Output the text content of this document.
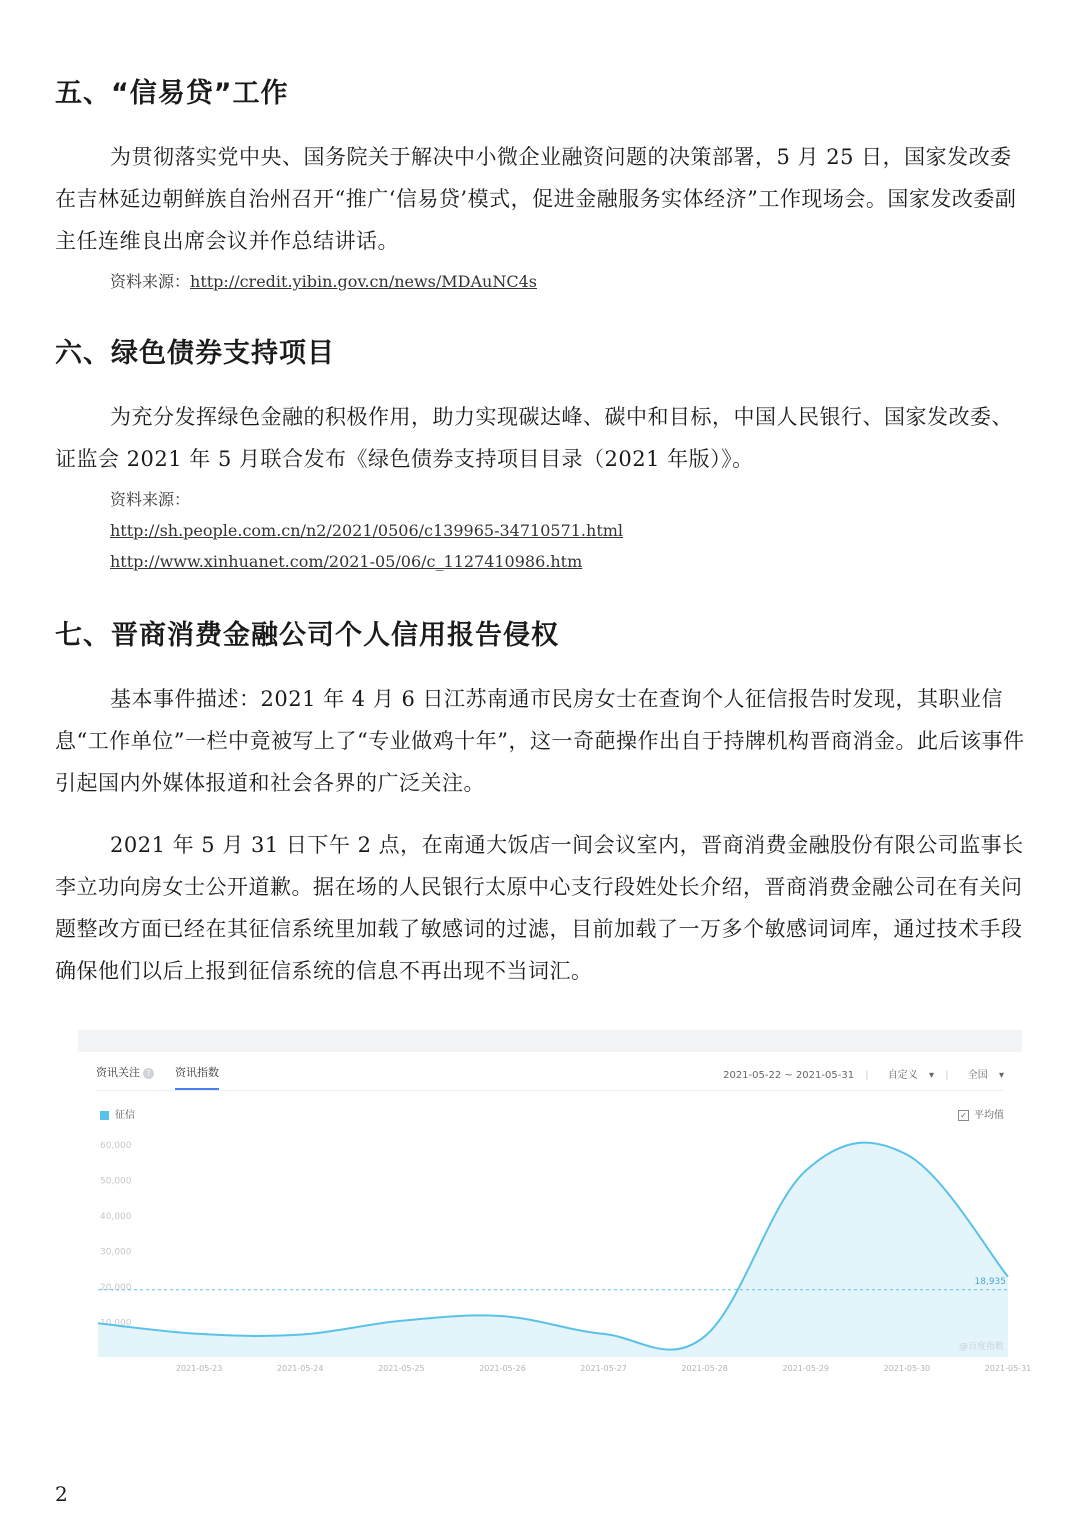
五、“信易贷”工作

为贯彻落实党中央、国务院关于解决中小微企业融资问题的决策部署，5 月 25 日，国家发改委在吉林延边朝鲜族自治州召开“推广‘信易贷’模式，促进金融服务实体经济”工作现场会。国家发改委副主任连维良出席会议并作总结讲话。

资料来源：http://credit.yibin.gov.cn/news/MDAuNC4s

六、绿色债券支持项目

为充分发挥绿色金融的积极作用，助力实现碳达峰、碳中和目标，中国人民银行、国家发改委、证监会 2021 年 5 月联合发布《绿色债券支持项目目录（2021 年版）》。

资料来源：
http://sh.people.com.cn/n2/2021/0506/c139965-34710571.html
http://www.xinhuanet.com/2021-05/06/c_1127410986.htm

七、晋商消费金融公司个人信用报告侵权

基本事件描述：2021 年 4 月 6 日江苏南通市民房女士在查询个人征信报告时发现，其职业信息“工作单位”一栏中竟被写上了“专业做鸡十年”，这一奇葩操作出自于持牌机构晋商消金。此后该事件引起国内外媒体报道和社会各界的广泛关注。

2021 年 5 月 31 日下午 2 点，在南通大饭店一间会议室内，晋商消费金融股份有限公司监事长李立功向房女士公开道歉。据在场的人民银行太原中心支行段姓处长介绍，晋商消费金融公司在有关问题整改方面已经在其征信系统里加载了敏感词的过滤，目前加载了一万多个敏感词词库，通过技术手段确保他们以后上报到征信系统的信息不再出现不当词汇。

资讯关注 ?	资讯指数	2021-05-22 ~ 2021-05-31 | 自定义 ▾ | 全国 ▾
征信	✓ 平均值
60,000
50,000
40,000
30,000
20,000
10,000
18,935
@百度指数
2021-05-23	2021-05-24	2021-05-25	2021-05-26	2021-05-27	2021-05-28	2021-05-29	2021-05-30	2021-05-31
2
